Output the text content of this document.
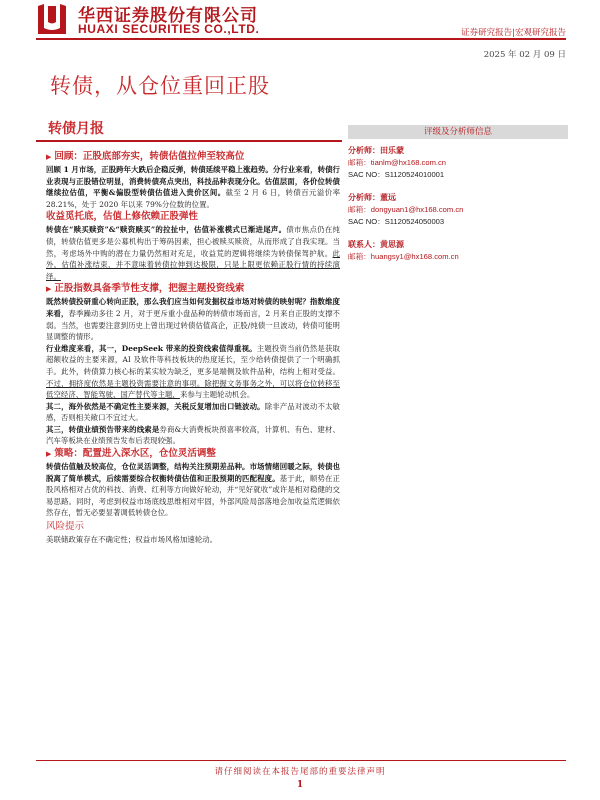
华西证券股份有限公司
HUAXI SECURITIES CO.,LTD.	证券研究报告|宏观研究报告
2025 年 02 月 09 日
转债，从仓位重回正股
转债月报	评级及分析师信息
分析师：田乐蒙
邮箱：tianlm@hx168.com.cn
SAC NO：S1120524010001
分析师：董远
邮箱：dongyuan1@hx168.com.cn
SAC NO：S1120524050003
联系人：黄思源
邮箱：huangsy1@hx168.com.cn
▶ 回顾：正股底部夯实，转债估值拉伸至较高位

回顾 1 月市场，正股跨年大跌后企稳反弹，转债延续平稳上涨趋势。分行业来看，转债行业表现与正股错位明显，消费转债亮点突出，科技品种表现分化。估值层面，各价位转债继续拉估值，平衡&偏股型转债估值进入贵价区间。截至 2 月 6 日，转债百元溢价率 28.21%，处于 2020 年以来 79%分位数的位置。

收益觅托底，估值上修依赖正股弹性

转债在“赎买赎资”&“赎资赎买”的拉扯中，估值补涨模式已渐进尾声。债市焦点仍在纯债，转债估值更多是公募机构出于筹码因素，担心被赎买赎资，从而形成了自我实现。当然，考虑场外中购的潜在力量仍然相对充足，收益荒的逻辑将继续为转债保驾护航。此外，估值补涨结束，并不意味着转债拉伸到达极限，只是上限更依赖正股行情的持续演绎。

▶ 正股指数具备季节性支撑，把握主题投资线索

既然转债投研重心转向正股，那么我们应当如何发掘权益市场对转债的映射呢？指数维度来看，春季躁动多往 2 月，对于更斥重小盘品种的转债市场而言，2 月来自正股的支撑不弱。当然，也需要注意到历史上曾出现过转债估值高企，正股/纯债一旦波动，转债可能明显调整的情形。

行业维度来看，其一，DeepSeek 带来的投资线索值得重视。主题投资当前仍然是获取超额收益的主要来源，AI 及软件等科技板块的热度延长，至少给转债提供了一个明确抓手。此外，转债算力核心标的某实较为缺乏，更多是端侧及软件品种，结构上相对受益。不过，拥挤度依然是主题投资需要注意的事项。除把握文务事务之外，可以将仓位转移至低空经济、智能驾驶、国产替代等主题，来参与主题轮动机会。

其二，海外依然是不确定性主要来源，关税反复增加出口链波动。除非产品对波动不太敏感，否则相关敞口不宜过大。

其三，转债业绩预告带来的线索是券商&大消费板块预喜率较高，计算机、有色、建材、汽车等板块在业绩预告发布后表现较强。

▶ 策略：配置进入深水区，仓位灵活调整

转债估值触及较高位，仓位灵活调整，结构关注预期差品种。市场情绪回暖之际，转债也脱离了简单模式，后续需要综合权衡转债估值和正股预期的匹配程度。基于此，顺势在正股风格相对占优的科技、消费、红利等方向做好轮动，并“见好就收”或许是相对稳健的交易思路。同时，考虑到权益市场底线思维相对牢固，外部风险局部落地会加收益荒逻辑依然存在，暂无必要显著调低转债仓位。

风险提示

美联储政策存在不确定性；权益市场风格加速轮动。

请仔细阅读在本报告尾部的重要法律声明
1
